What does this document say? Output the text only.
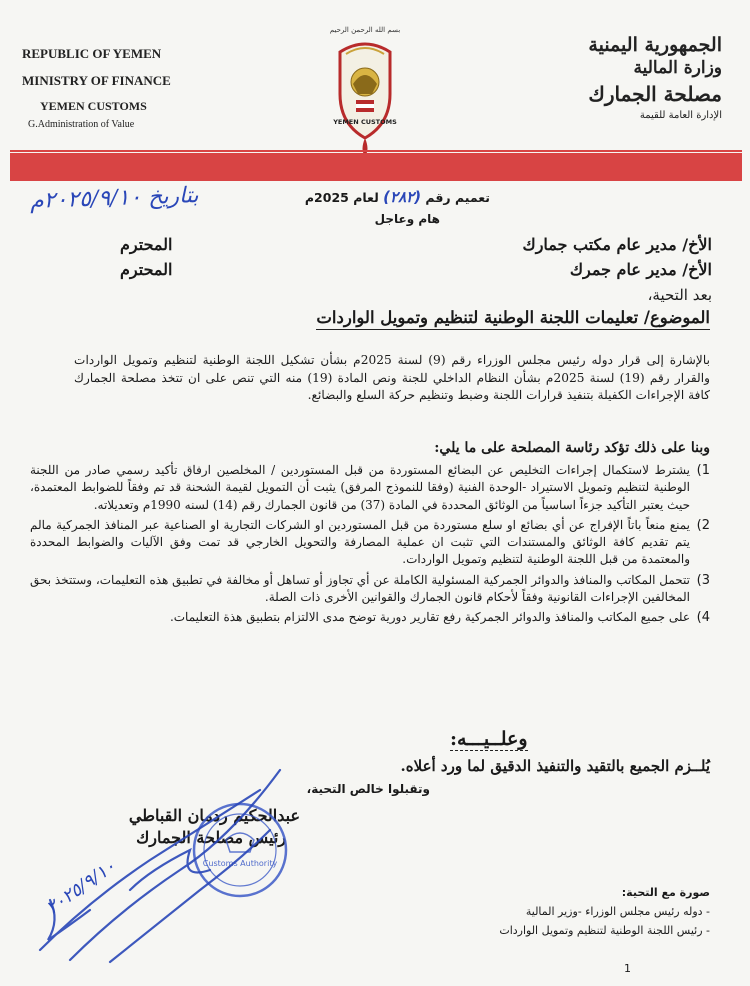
REPUBLIC OF YEMEN
MINISTRY OF FINANCE
YEMEN CUSTOMS
G.Administration of Value
بسم الله الرحمن الرحيم
YEMEN CUSTOMS
الجمهورية اليمنية
وزارة المالية
مصلحة الجمارك
الإدارة العامة للقيمة
بتاريخ ٢٠٢٥/٩/١٠م	تعميم رقم (٢٨٢) لعام 2025م
هام وعاجل
الأخ/ مدير عام مكتب جمارك
المحترم
الأخ/ مدير عام جمرك
المحترم
بعد التحية،
الموضوع/ تعليمات اللجنة الوطنية لتنظيم وتمويل الواردات
بالإشارة إلى قرار دوله رئيس مجلس الوزراء رقم (9) لسنة 2025م بشأن تشكيل اللجنة الوطنية لتنظيم وتمويل الواردات والقرار رقم (19) لسنة 2025م بشأن النظام الداخلي للجنة ونص المادة (19) منه التي تنص على ان تتخذ مصلحة الجمارك كافة الإجراءات الكفيلة بتنفيذ قرارات اللجنة وضبط وتنظيم حركة السلع والبضائع.
وبنا على ذلك تؤكد رئاسة المصلحة على ما يلي:
1)
يشترط لاستكمال إجراءات التخليص عن البضائع المستوردة من قبل المستوردين / المخلصين ارفاق تأكيد رسمي صادر من اللجنة الوطنية لتنظيم وتمويل الاستيراد -الوحدة الفنية (وفقا للنموذج المرفق) يثبت أن التمويل لقيمة الشحنة قد تم وفقاً للضوابط المعتمدة، حيث يعتبر التأكيد جزءاً اساسياً من الوثائق المحددة في المادة (37) من قانون الجمارك رقم (14) لسنه 1990م وتعديلاته.
2)
يمنع منعاً باتاً الإفراج عن أي بضائع او سلع مستوردة من قبل المستوردين او الشركات التجارية او الصناعية عبر المنافذ الجمركية مالم يتم تقديم كافة الوثائق والمستندات التي تثبت ان عملية المصارفة والتحويل الخارجي قد تمت وفق الآليات والضوابط المحددة والمعتمدة من قبل اللجنة الوطنية لتنظيم وتمويل الواردات.
3)
تتحمل المكاتب والمنافذ والدوائر الجمركية المسئولية الكاملة عن أي تجاوز أو تساهل أو مخالفة في تطبيق هذه التعليمات، وستتخذ بحق المخالفين الإجراءات القانونية وفقاً لأحكام قانون الجمارك والقوانين الأخرى ذات الصلة.
4)
على جميع المكاتب والمنافذ والدوائر الجمركية رفع تقارير دورية توضح مدى الالتزام بتطبيق هذة التعليمات.
وعلــيـــه:
يُلــزم الجميع بالتقيد والتنفيذ الدقيق لما ورد أعلاه.
وتقبلوا خالص التحية،
عبدالحكيم ردمان القباطي
رئيس مصلحة الجمارك
Customs Authority
٢٠٢٥/٩/١٠	صورة مع التحية:
- دوله رئيس مجلس الوزراء -وزير المالية
- رئيس اللجنة الوطنية لتنظيم وتمويل الواردات
1
